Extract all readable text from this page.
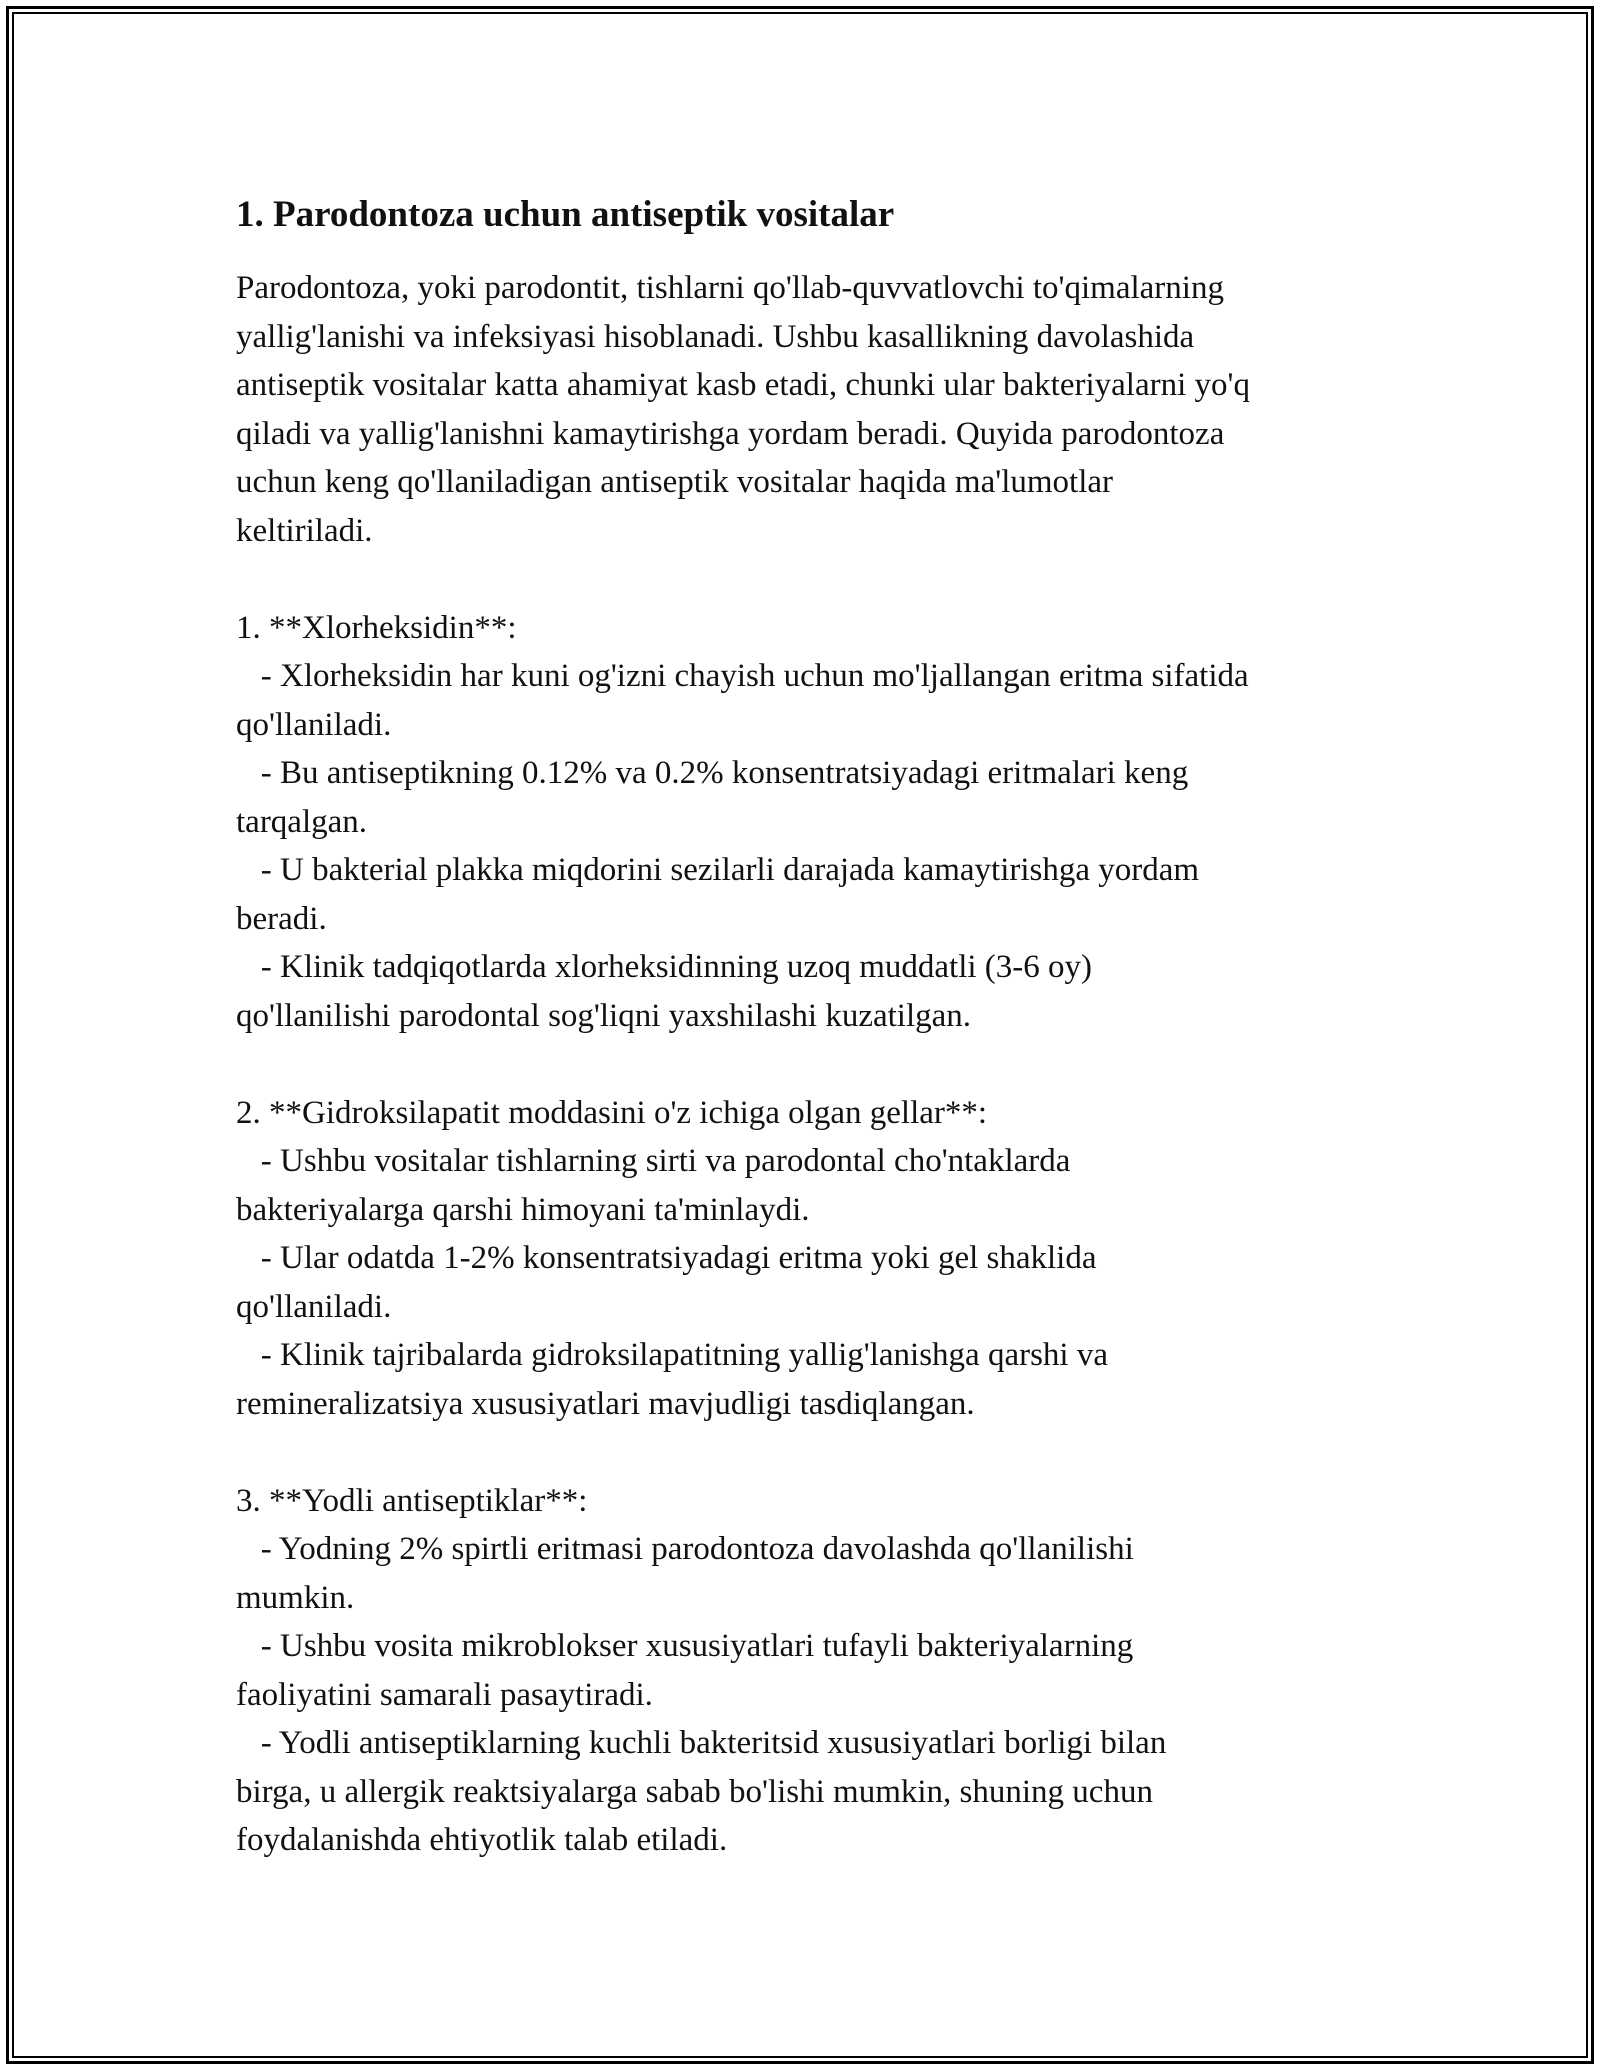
1. Parodontoza uchun antiseptik vositalar
Parodontoza, yoki parodontit, tishlarni qo'llab-quvvatlovchi to'qimalarning
yallig'lanishi va infeksiyasi hisoblanadi. Ushbu kasallikning davolashida
antiseptik vositalar katta ahamiyat kasb etadi, chunki ular bakteriyalarni yo'q
qiladi va yallig'lanishni kamaytirishga yordam beradi. Quyida parodontoza
uchun keng qo'llaniladigan antiseptik vositalar haqida ma'lumotlar
keltiriladi.
1. **Xlorheksidin**:
- Xlorheksidin har kuni og'izni chayish uchun mo'ljallangan eritma sifatida
qo'llaniladi.
- Bu antiseptikning 0.12% va 0.2% konsentratsiyadagi eritmalari keng
tarqalgan.
- U bakterial plakka miqdorini sezilarli darajada kamaytirishga yordam
beradi.
- Klinik tadqiqotlarda xlorheksidinning uzoq muddatli (3-6 oy)
qo'llanilishi parodontal sog'liqni yaxshilashi kuzatilgan.
2. **Gidroksilapatit moddasini o'z ichiga olgan gellar**:
- Ushbu vositalar tishlarning sirti va parodontal cho'ntaklarda
bakteriyalarga qarshi himoyani ta'minlaydi.
- Ular odatda 1-2% konsentratsiyadagi eritma yoki gel shaklida
qo'llaniladi.
- Klinik tajribalarda gidroksilapatitning yallig'lanishga qarshi va
remineralizatsiya xususiyatlari mavjudligi tasdiqlangan.
3. **Yodli antiseptiklar**:
- Yodning 2% spirtli eritmasi parodontoza davolashda qo'llanilishi
mumkin.
- Ushbu vosita mikroblokser xususiyatlari tufayli bakteriyalarning
faoliyatini samarali pasaytiradi.
- Yodli antiseptiklarning kuchli bakteritsid xususiyatlari borligi bilan
birga, u allergik reaktsiyalarga sabab bo'lishi mumkin, shuning uchun
foydalanishda ehtiyotlik talab etiladi.
